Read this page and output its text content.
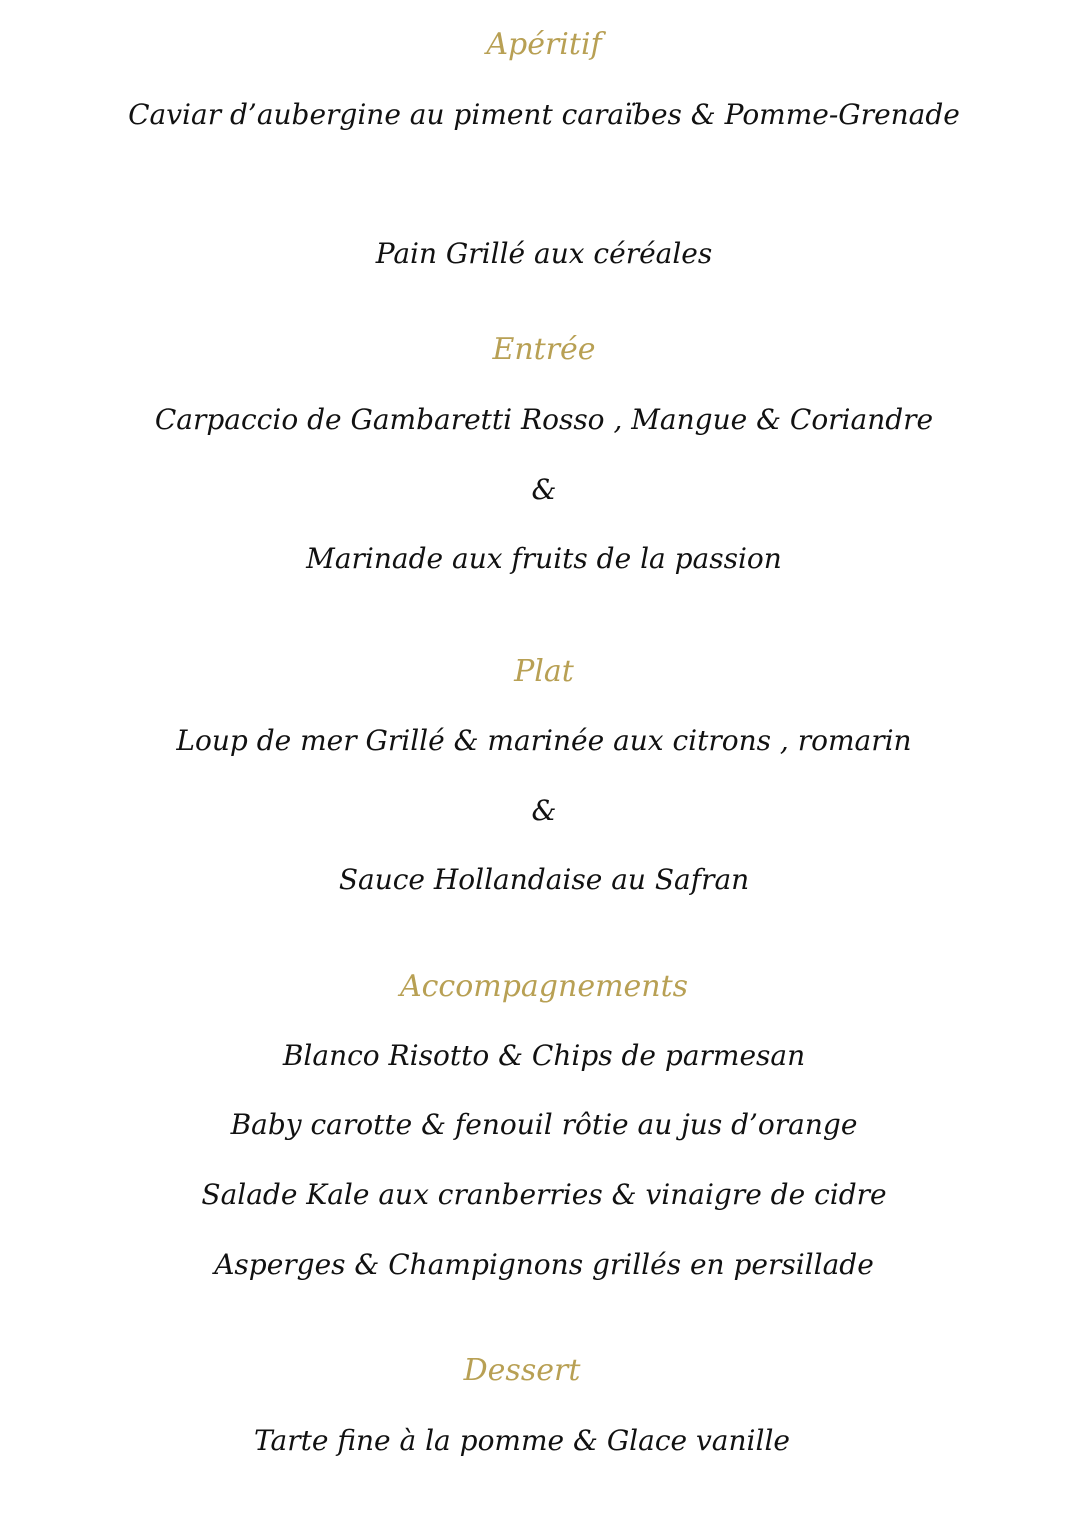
Apéritif
Caviar d’aubergine au piment caraïbes & Pomme-Grenade
Pain Grillé aux céréales
Entrée
Carpaccio de Gambaretti Rosso , Mangue & Coriandre
&
Marinade aux fruits de la passion
Plat
Loup de mer Grillé & marinée aux citrons , romarin
&
Sauce Hollandaise au Safran
Accompagnements
Blanco Risotto & Chips de parmesan
Baby carotte & fenouil rôtie au jus d’orange
Salade Kale aux cranberries & vinaigre de cidre
Asperges & Champignons grillés en persillade
Dessert
Tarte fine à la pomme & Glace vanille
